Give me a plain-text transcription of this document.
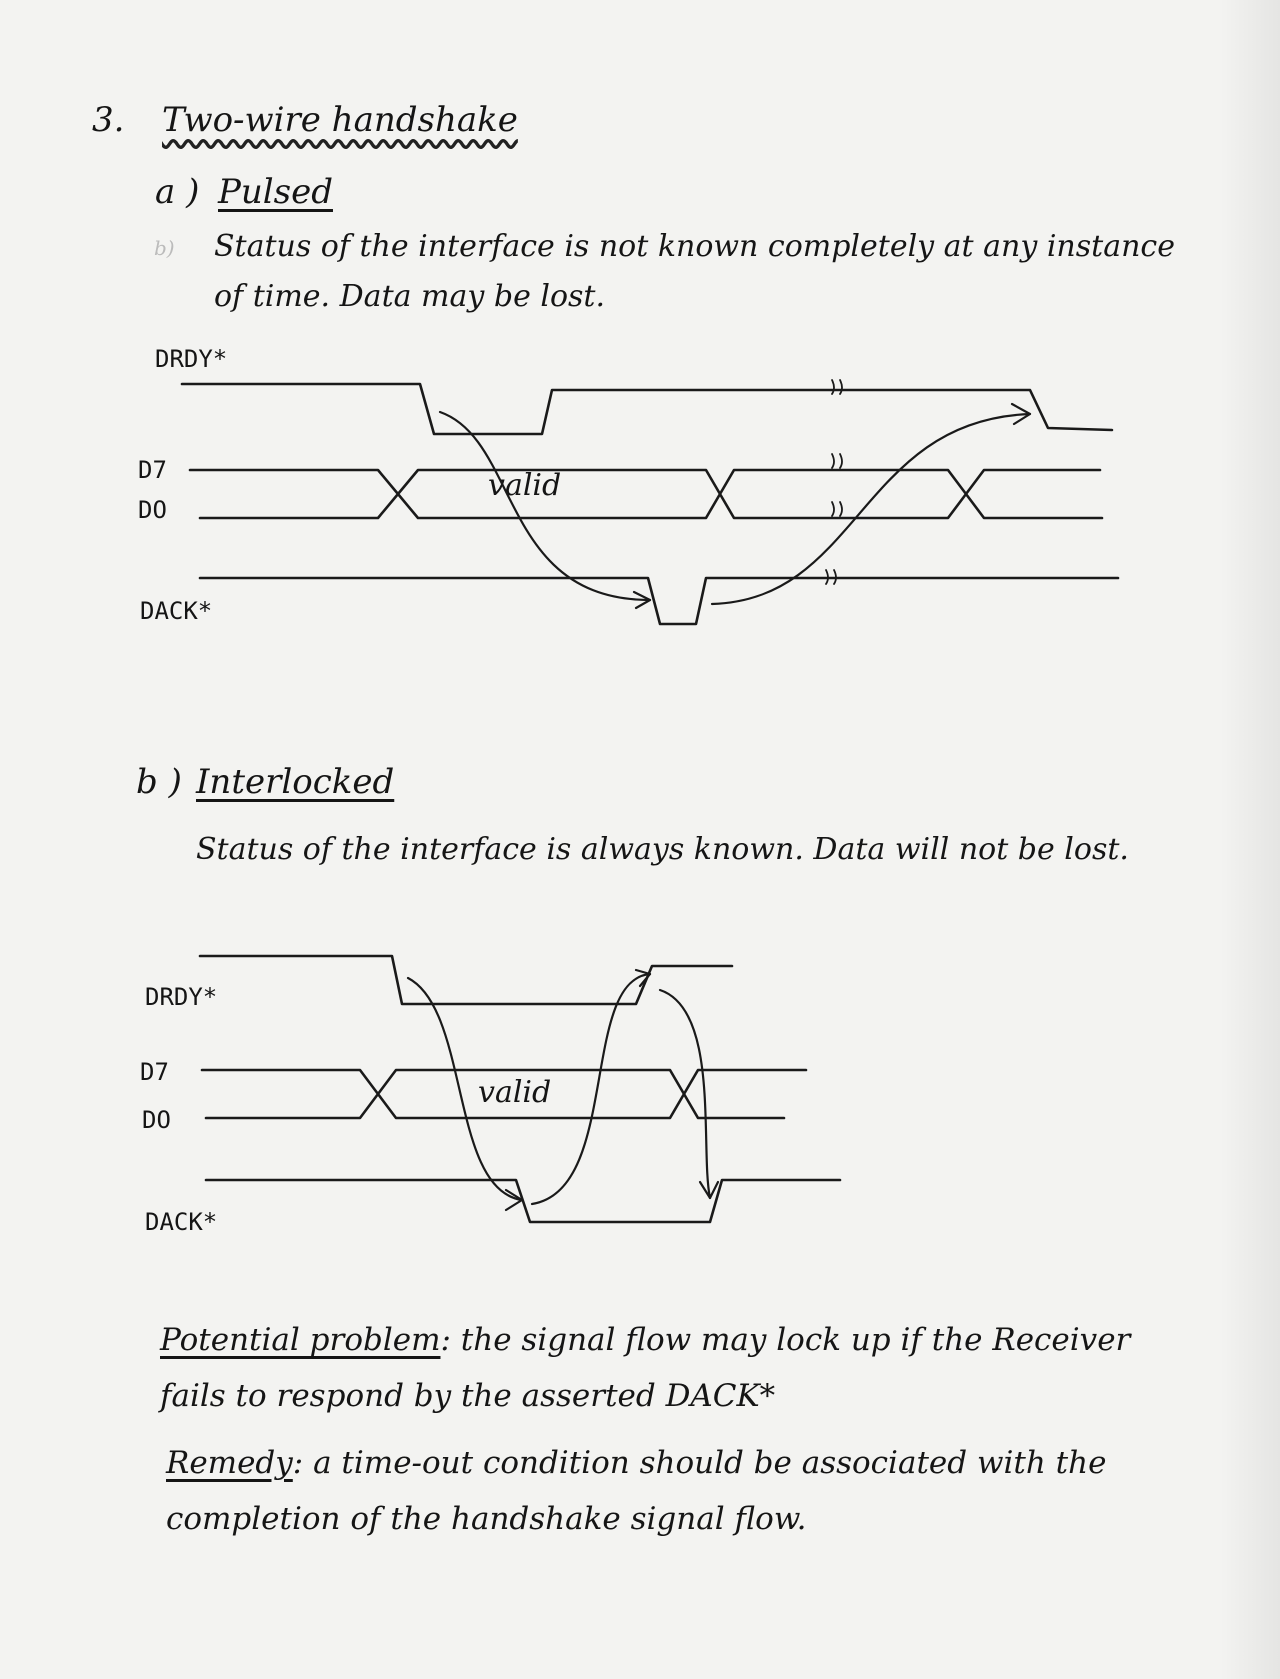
3. Two-wire handshake
a ) Pulsed
b) Status of the interface is not known completely at any instance of time. Data may be lost.
DRDY*
D7
DO
DACK*
valid
b ) Interlocked
Status of the interface is always known. Data will not be lost.
DRDY*
D7
DO
DACK*
valid
Potential problem: the signal flow may lock up if the Receiver fails to respond by the asserted DACK*
Remedy: a time-out condition should be associated with the completion of the handshake signal flow.
